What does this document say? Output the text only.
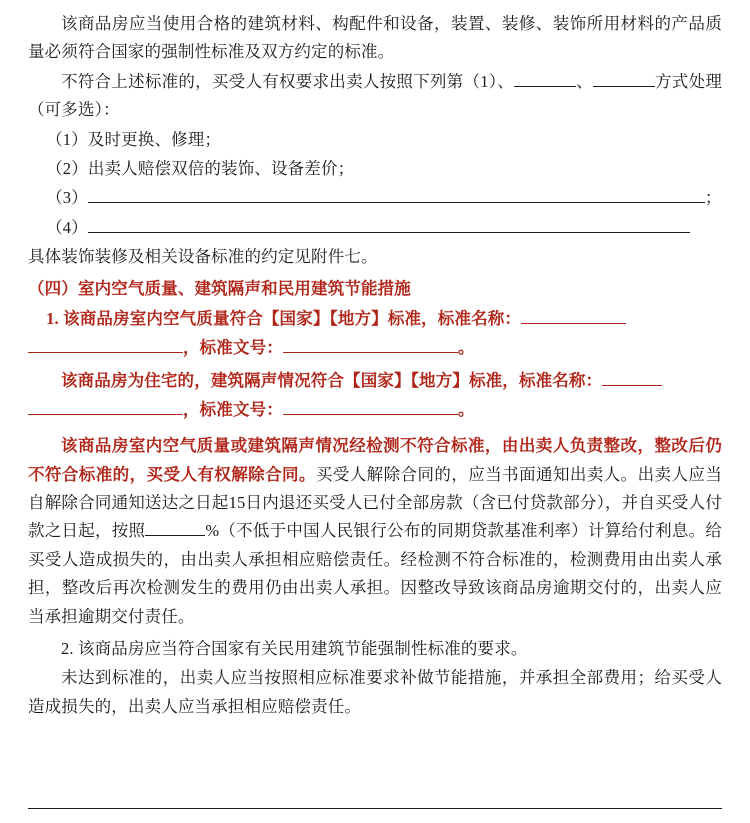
该商品房应当使用合格的建筑材料、构配件和设备，装置、装修、装饰所用材料的产品质量必须符合国家的强制性标准及双方约定的标准。

不符合上述标准的，买受人有权要求出卖人按照下列第（1）、	、	方式处理（可多选）：

（1）及时更换、修理；

（2）出卖人赔偿双倍的装饰、设备差价；

（3）	；

（4）

具体装饰装修及相关设备标准的约定见附件七。

（四）室内空气质量、建筑隔声和民用建筑节能措施

1. 该商品房室内空气质量符合【国家】【地方】标准，标准名称：

，标准文号：	。

该商品房为住宅的，建筑隔声情况符合【国家】【地方】标准，标准名称：

，标准文号：	。

该商品房室内空气质量或建筑隔声情况经检测不符合标准，由出卖人负责整改，整改后仍不符合标准的，买受人有权解除合同。买受人解除合同的，应当书面通知出卖人。出卖人应当自解除合同通知送达之日起15日内退还买受人已付全部房款（含已付贷款部分），并自买受人付款之日起，按照	%（不低于中国人民银行公布的同期贷款基准利率）计算给付利息。给买受人造成损失的，由出卖人承担相应赔偿责任。经检测不符合标准的，检测费用由出卖人承担，整改后再次检测发生的费用仍由出卖人承担。因整改导致该商品房逾期交付的，出卖人应当承担逾期交付责任。

2. 该商品房应当符合国家有关民用建筑节能强制性标准的要求。

未达到标准的，出卖人应当按照相应标准要求补做节能措施，并承担全部费用；给买受人造成损失的，出卖人应当承担相应赔偿责任。
